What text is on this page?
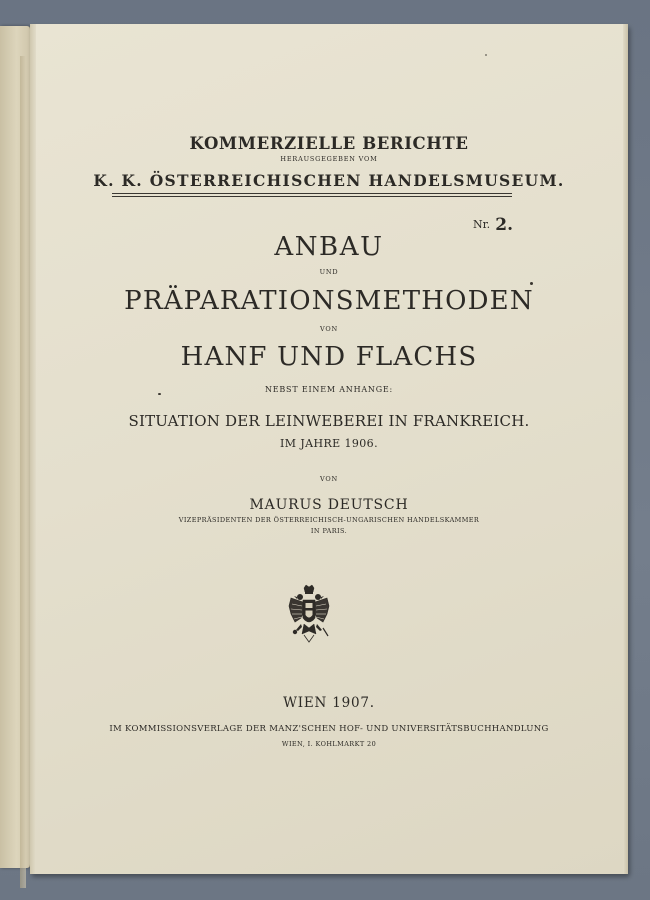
KOMMERZIELLE BERICHTE
HERAUSGEGEBEN VOM
K. K. ÖSTERREICHISCHEN HANDELSMUSEUM.
Nr. 2.
ANBAU
UND
PRÄPARATIONSMETHODEN
VON
HANF UND FLACHS
NEBST EINEM ANHANGE:
SITUATION DER LEINWEBEREI IN FRANKREICH.
IM JAHRE 1906.
VON
MAURUS DEUTSCH
VIZEPRÄSIDENTEN DER ÖSTERREICHISCH-UNGARISCHEN HANDELSKAMMER
IN PARIS.
WIEN 1907.
IM KOMMISSIONSVERLAGE DER MANZ'SCHEN HOF- UND UNIVERSITÄTSBUCHHANDLUNG
WIEN, I. KOHLMARKT 20
